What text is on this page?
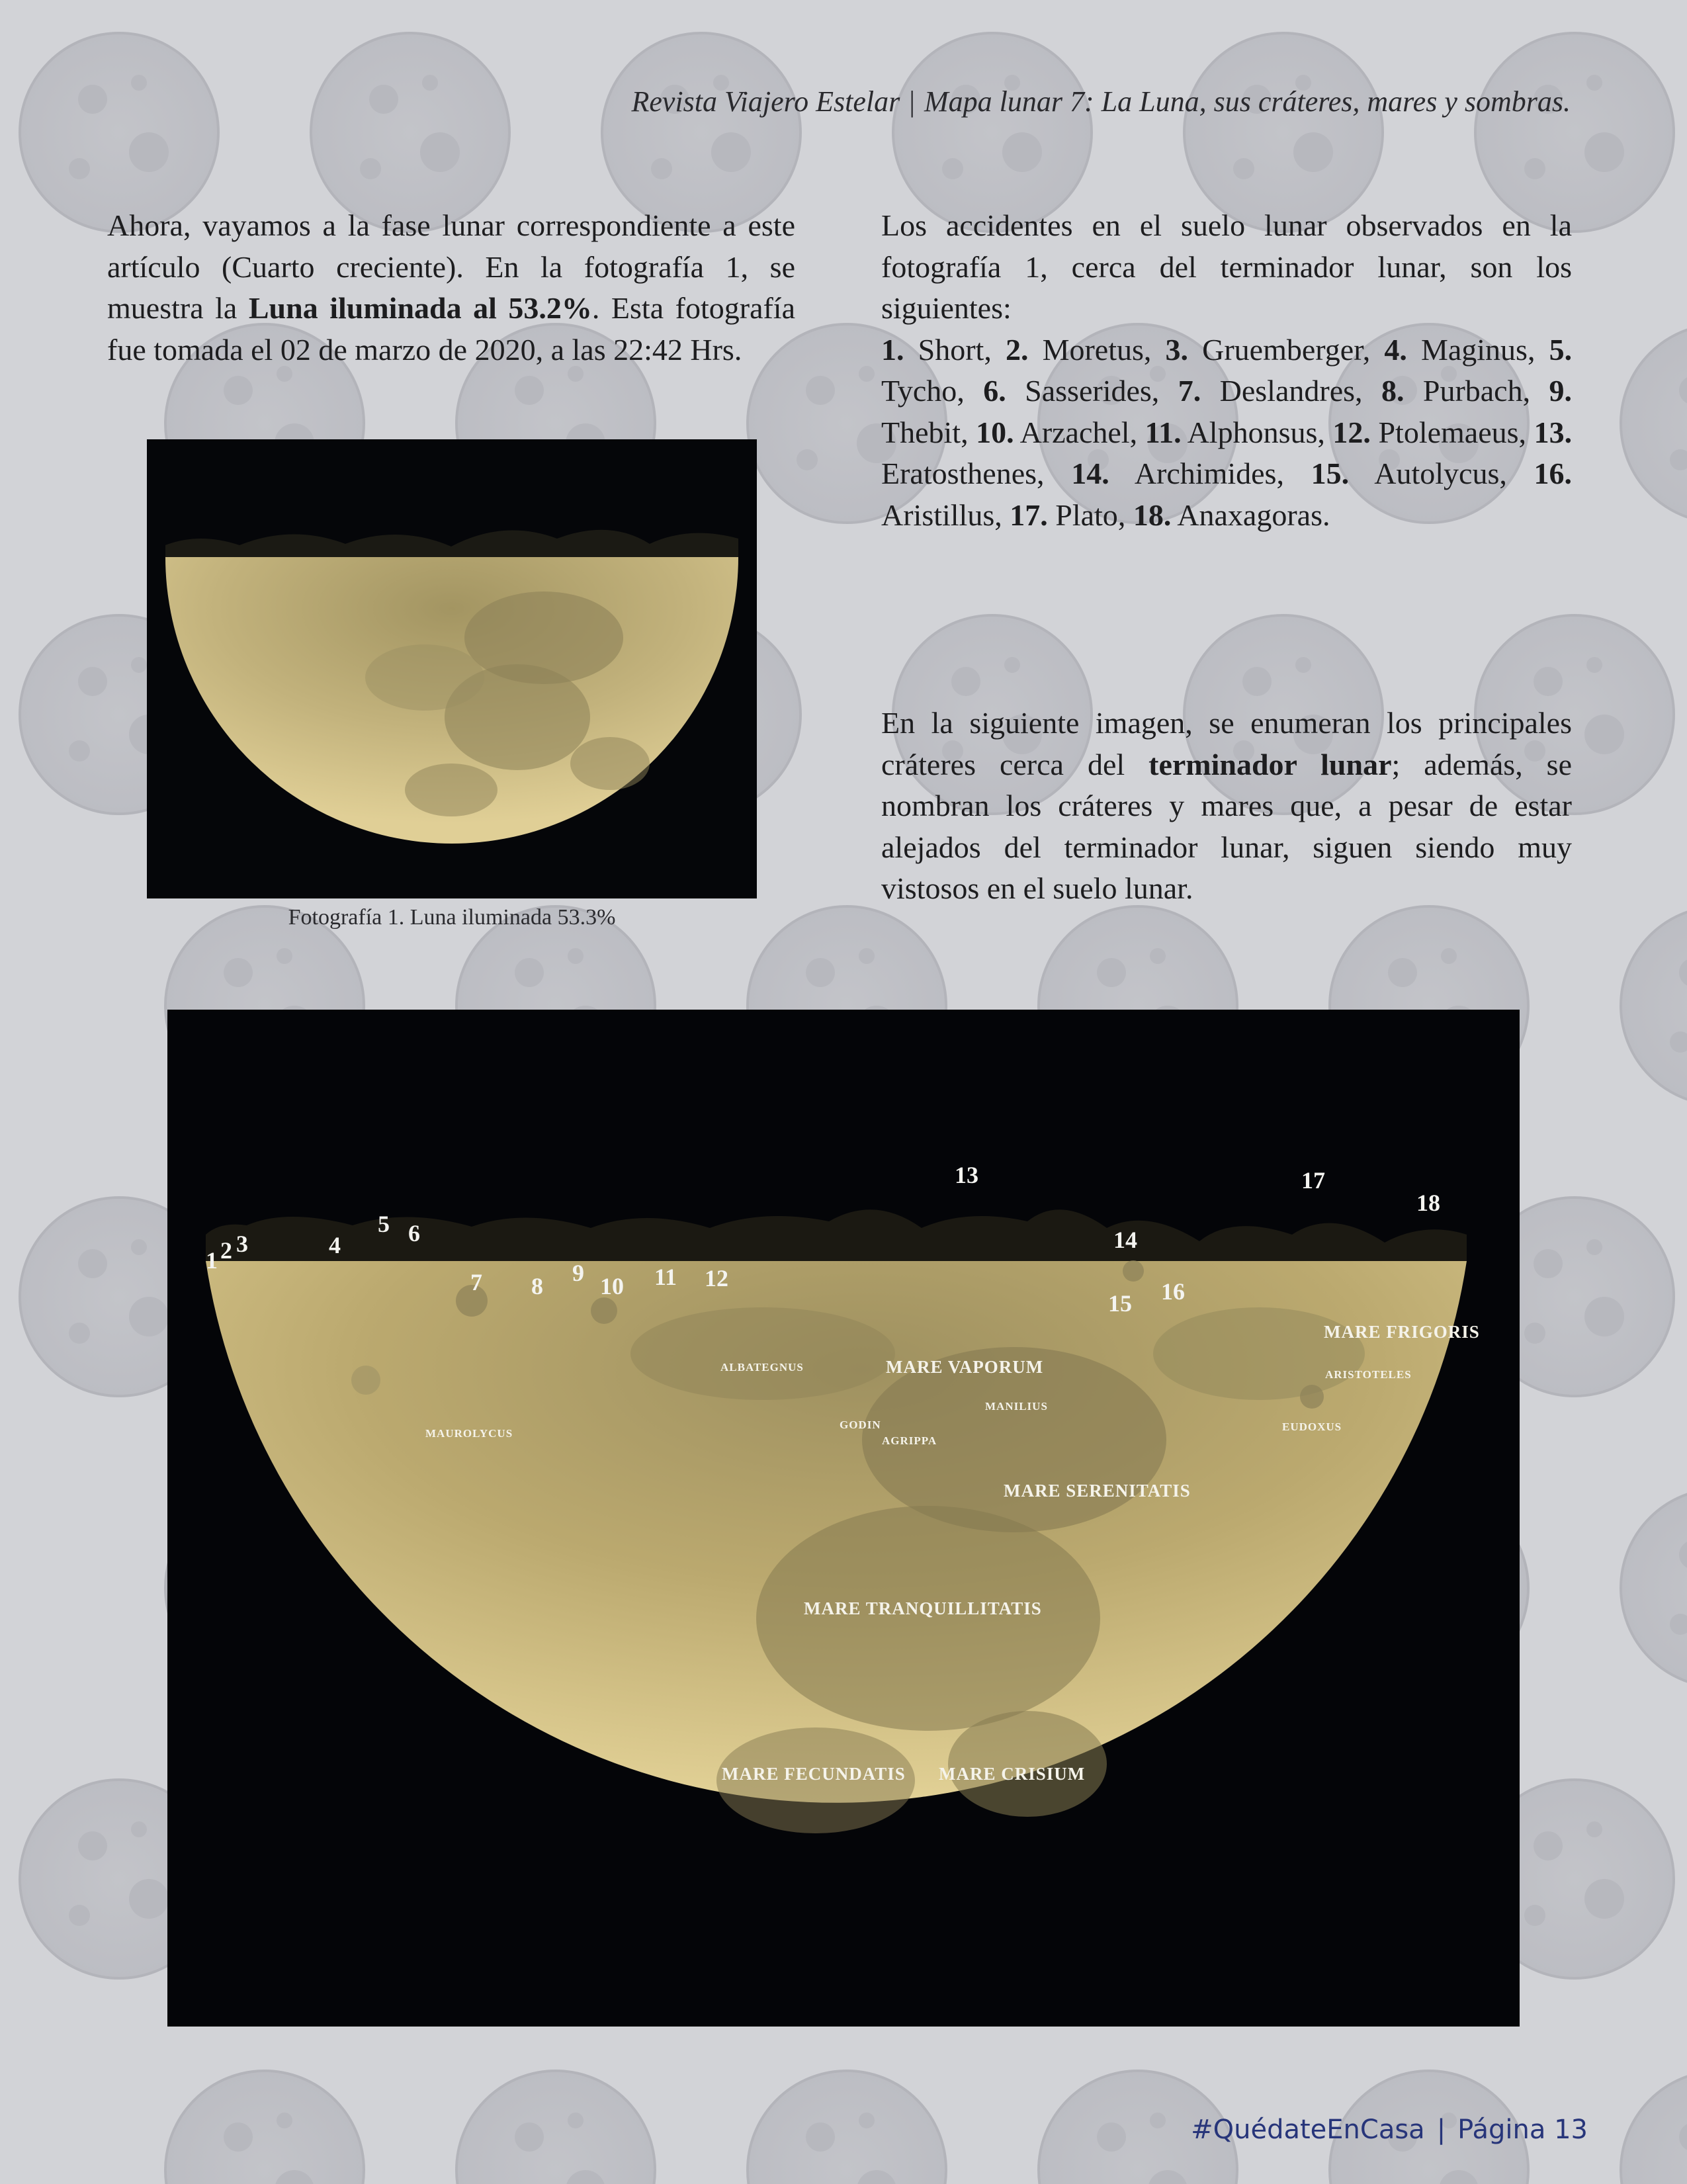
Revista Viajero Estelar | Mapa lunar 7: La Luna, sus cráteres, mares y sombras.

Ahora, vayamos a la fase lunar correspondiente a este artículo (Cuarto creciente). En la fotografía 1, se muestra la Luna iluminada al 53.2%. Esta fotografía fue tomada el 02 de marzo de 2020, a las 22:42 Hrs.

Fotografía 1. Luna iluminada 53.3%

Los accidentes en el suelo lunar observados en la fotografía 1, cerca del terminador lunar, son los siguientes:
1. Short, 2. Moretus, 3. Gruemberger, 4. Maginus, 5. Tycho, 6. Sasserides, 7. Deslandres, 8. Purbach, 9. Thebit, 10. Arzachel, 11. Alphonsus, 12. Ptolemaeus, 13. Eratosthenes, 14. Archimides, 15. Autolycus, 16. Aristillus, 17. Plato, 18. Anaxagoras.

En la siguiente imagen, se enumeran los principales cráteres cerca del terminador lunar; además, se nombran los cráteres y mares que, a pesar de estar alejados del terminador lunar, siguen siendo muy vistosos en el suelo lunar.

1 2 3	4
5 6
7 8 9 10 11 12
13
14
15 16
17
18
MARE FRIGORIS
ARISTOTELES
EUDOXUS
ALBATEGNUS	MARE VAPORUM
MANILIUS
GODIN
AGRIPPA
MAUROLYCUS
MARE SERENITATIS
MARE TRANQUILLITATIS
MARE FECUNDATIS MARE CRISIUM
#QuédateEnCasa | Página 13
